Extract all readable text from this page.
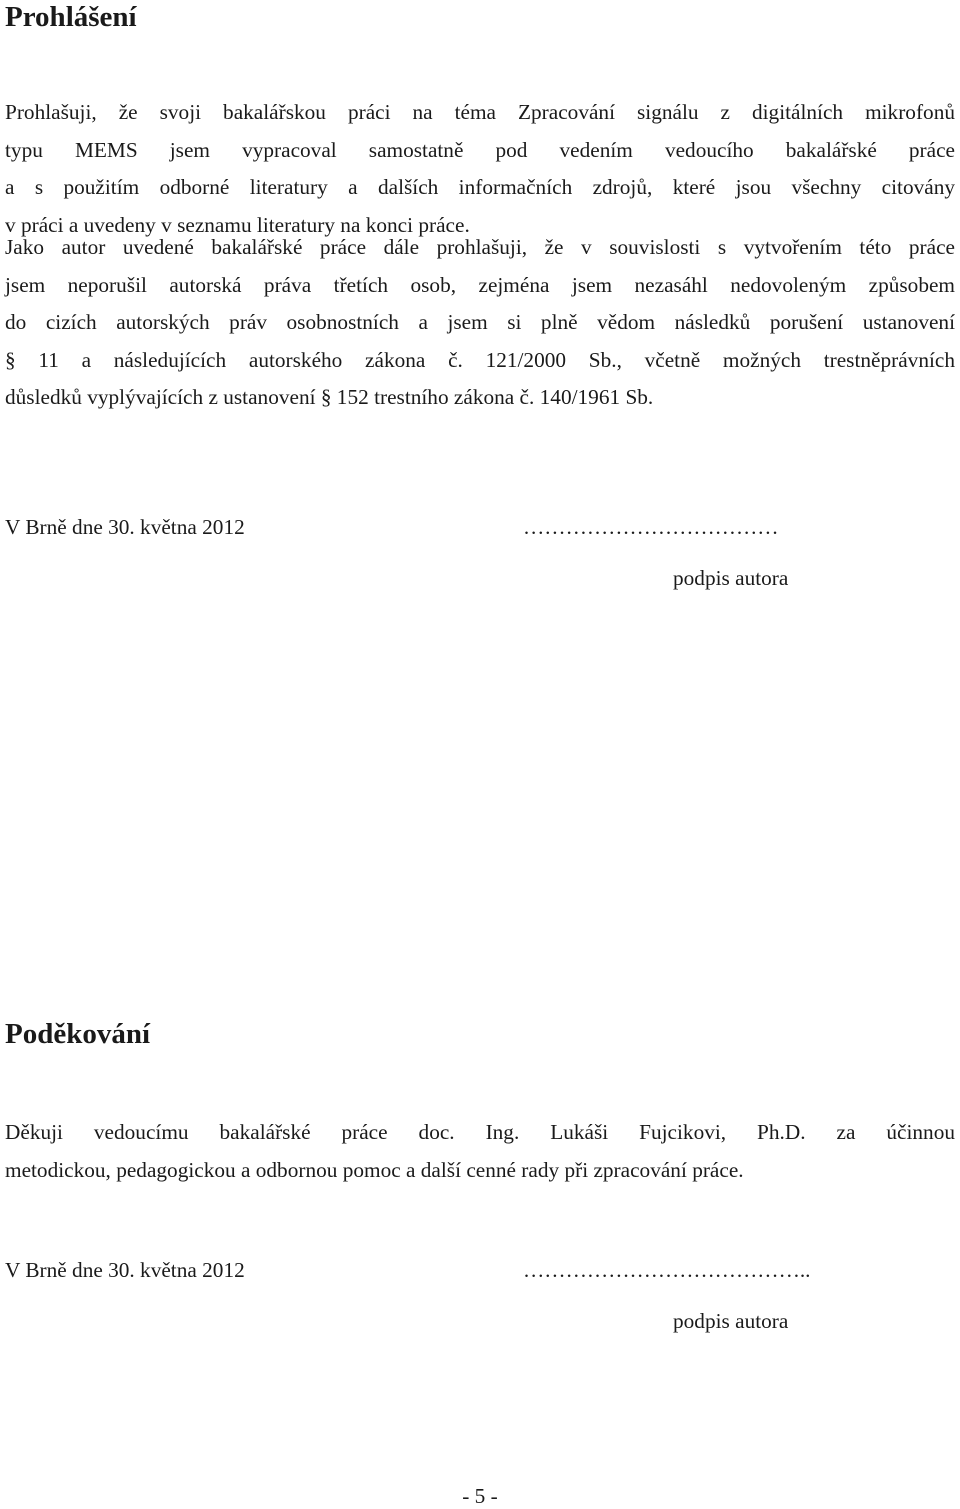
Prohlášení
Prohlašuji, že svoji bakalářskou práci na téma Zpracování signálu z digitálních mikrofonů
typu MEMS jsem vypracoval samostatně pod vedením vedoucího bakalářské práce
a s použitím odborné literatury a dalších informačních zdrojů, které jsou všechny citovány
v práci a uvedeny v seznamu literatury na konci práce.
Jako autor uvedené bakalářské práce dále prohlašuji, že v souvislosti s vytvořením této práce
jsem neporušil autorská práva třetích osob, zejména jsem nezasáhl nedovoleným způsobem
do cizích autorských práv osobnostních a jsem si plně vědom následků porušení ustanovení
§ 11 a následujících autorského zákona č. 121/2000 Sb., včetně možných trestněprávních
důsledků vyplývajících z ustanovení § 152 trestního zákona č. 140/1961 Sb.
V Brně dne 30. května 2012	………………………………
podpis autora
Poděkování
Děkuji vedoucímu bakalářské práce doc. Ing. Lukáši Fujcikovi, Ph.D. za účinnou
metodickou, pedagogickou a odbornou pomoc a další cenné rady při zpracování práce.
V Brně dne 30. května 2012	…………………………………..
podpis autora
- 5 -
